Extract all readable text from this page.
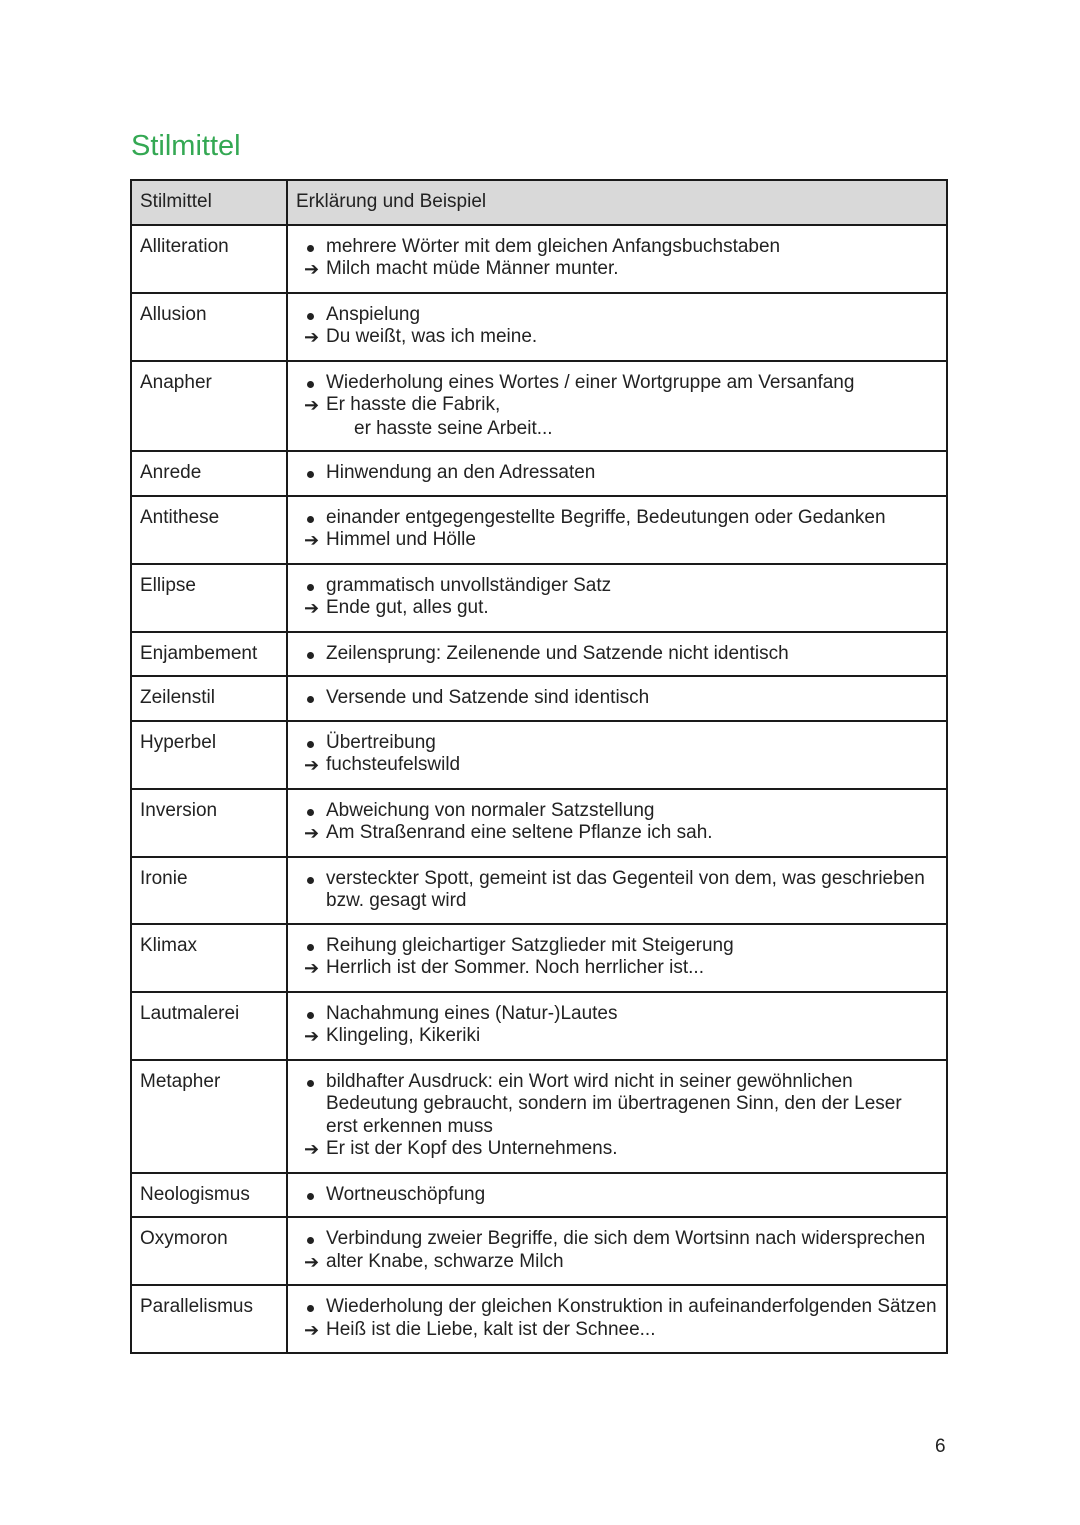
Stilmittel
Stilmittel	Erklärung und Beispiel
Alliteration	mehrere Wörter mit dem gleichen Anfangsbuchstaben
➔ Milch macht müde Männer munter.

Allusion	Anspielung
➔ Du weißt, was ich meine.

Anapher	Wiederholung eines Wortes / einer Wortgruppe am Versanfang
➔ Er hasste die Fabrik,
er hasste seine Arbeit...

Anrede	Hinwendung an den Adressaten

Antithese	einander entgegengestellte Begriffe, Bedeutungen oder Gedanken
➔ Himmel und Hölle

Ellipse	grammatisch unvollständiger Satz
➔ Ende gut, alles gut.

Enjambement	Zeilensprung: Zeilenende und Satzende nicht identisch

Zeilenstil	Versende und Satzende sind identisch

Hyperbel	Übertreibung
➔ fuchsteufelswild

Inversion	Abweichung von normaler Satzstellung
➔ Am Straßenrand eine seltene Pflanze ich sah.

Ironie	versteckter Spott, gemeint ist das Gegenteil von dem, was geschrieben bzw. gesagt wird

Klimax	Reihung gleichartiger Satzglieder mit Steigerung
➔ Herrlich ist der Sommer. Noch herrlicher ist...

Lautmalerei	Nachahmung eines (Natur-)Lautes
➔ Klingeling, Kikeriki

Metapher	bildhafter Ausdruck: ein Wort wird nicht in seiner gewöhnlichen Bedeutung gebraucht, sondern im übertragenen Sinn, den der Leser erst erkennen muss
➔ Er ist der Kopf des Unternehmens.

Neologismus	Wortneuschöpfung

Oxymoron	Verbindung zweier Begriffe, die sich dem Wortsinn nach widersprechen
➔ alter Knabe, schwarze Milch

Parallelismus	Wiederholung der gleichen Konstruktion in aufeinanderfolgenden Sätzen
➔ Heiß ist die Liebe, kalt ist der Schnee...
6
